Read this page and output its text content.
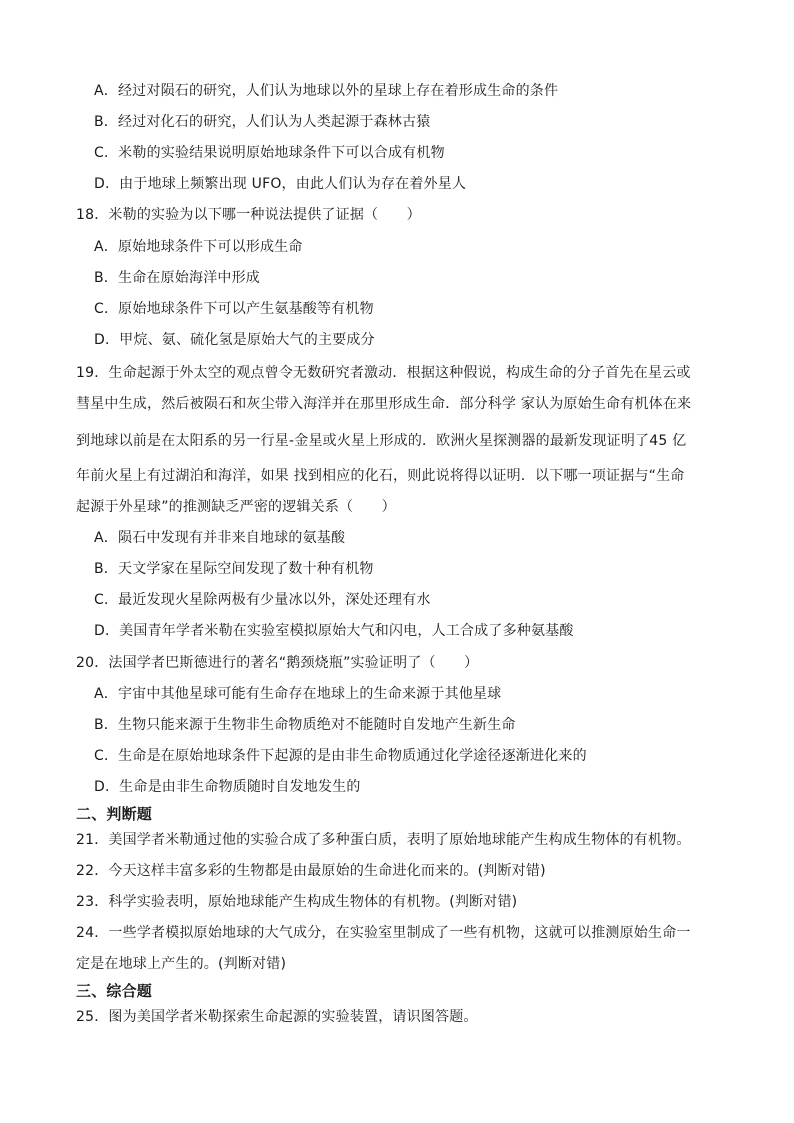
A．经过对陨石的研究，人们认为地球以外的星球上存在着形成生命的条件
B．经过对化石的研究，人们认为人类起源于森林古猿
C．米勒的实验结果说明原始地球条件下可以合成有机物
D．由于地球上频繁出现 UFO，由此人们认为存在着外星人
18．米勒的实验为以下哪一种说法提供了证据（　　）
A．原始地球条件下可以形成生命
B．生命在原始海洋中形成
C．原始地球条件下可以产生氨基酸等有机物
D．甲烷、氨、硫化氢是原始大气的主要成分
19．生命起源于外太空的观点曾令无数研究者激动．根据这种假说，构成生命的分子首先在星云或
彗星中生成，然后被陨石和灰尘带入海洋并在那里形成生命．部分科学 家认为原始生命有机体在来
到地球以前是在太阳系的另一行星-金星或火星上形成的．欧洲火星探测器的最新发现证明了45 亿
年前火星上有过湖泊和海洋，如果 找到相应的化石，则此说将得以证明．以下哪一项证据与“生命
起源于外星球”的推测缺乏严密的逻辑关系（　　）
A．陨石中发现有并非来自地球的氨基酸
B．天文学家在星际空间发现了数十种有机物
C．最近发现火星除两极有少量冰以外，深处还理有水
D．美国青年学者米勒在实验室模拟原始大气和闪电，人工合成了多种氨基酸
20．法国学者巴斯德进行的著名“鹅颈烧瓶”实验证明了（　　）
A．宇宙中其他星球可能有生命存在地球上的生命来源于其他星球
B．生物只能来源于生物非生命物质绝对不能随时自发地产生新生命
C．生命是在原始地球条件下起源的是由非生命物质通过化学途径逐渐进化来的
D．生命是由非生命物质随时自发地发生的
二、判断题
21．美国学者米勒通过他的实验合成了多种蛋白质，表明了原始地球能产生构成生物体的有机物。
22．今天这样丰富多彩的生物都是由最原始的生命进化而来的。(判断对错)
23．科学实验表明，原始地球能产生构成生物体的有机物。(判断对错)
24．一些学者模拟原始地球的大气成分，在实验室里制成了一些有机物，这就可以推测原始生命一
定是在地球上产生的。(判断对错)
三、综合题
25．图为美国学者米勒探索生命起源的实验装置，请识图答题。
